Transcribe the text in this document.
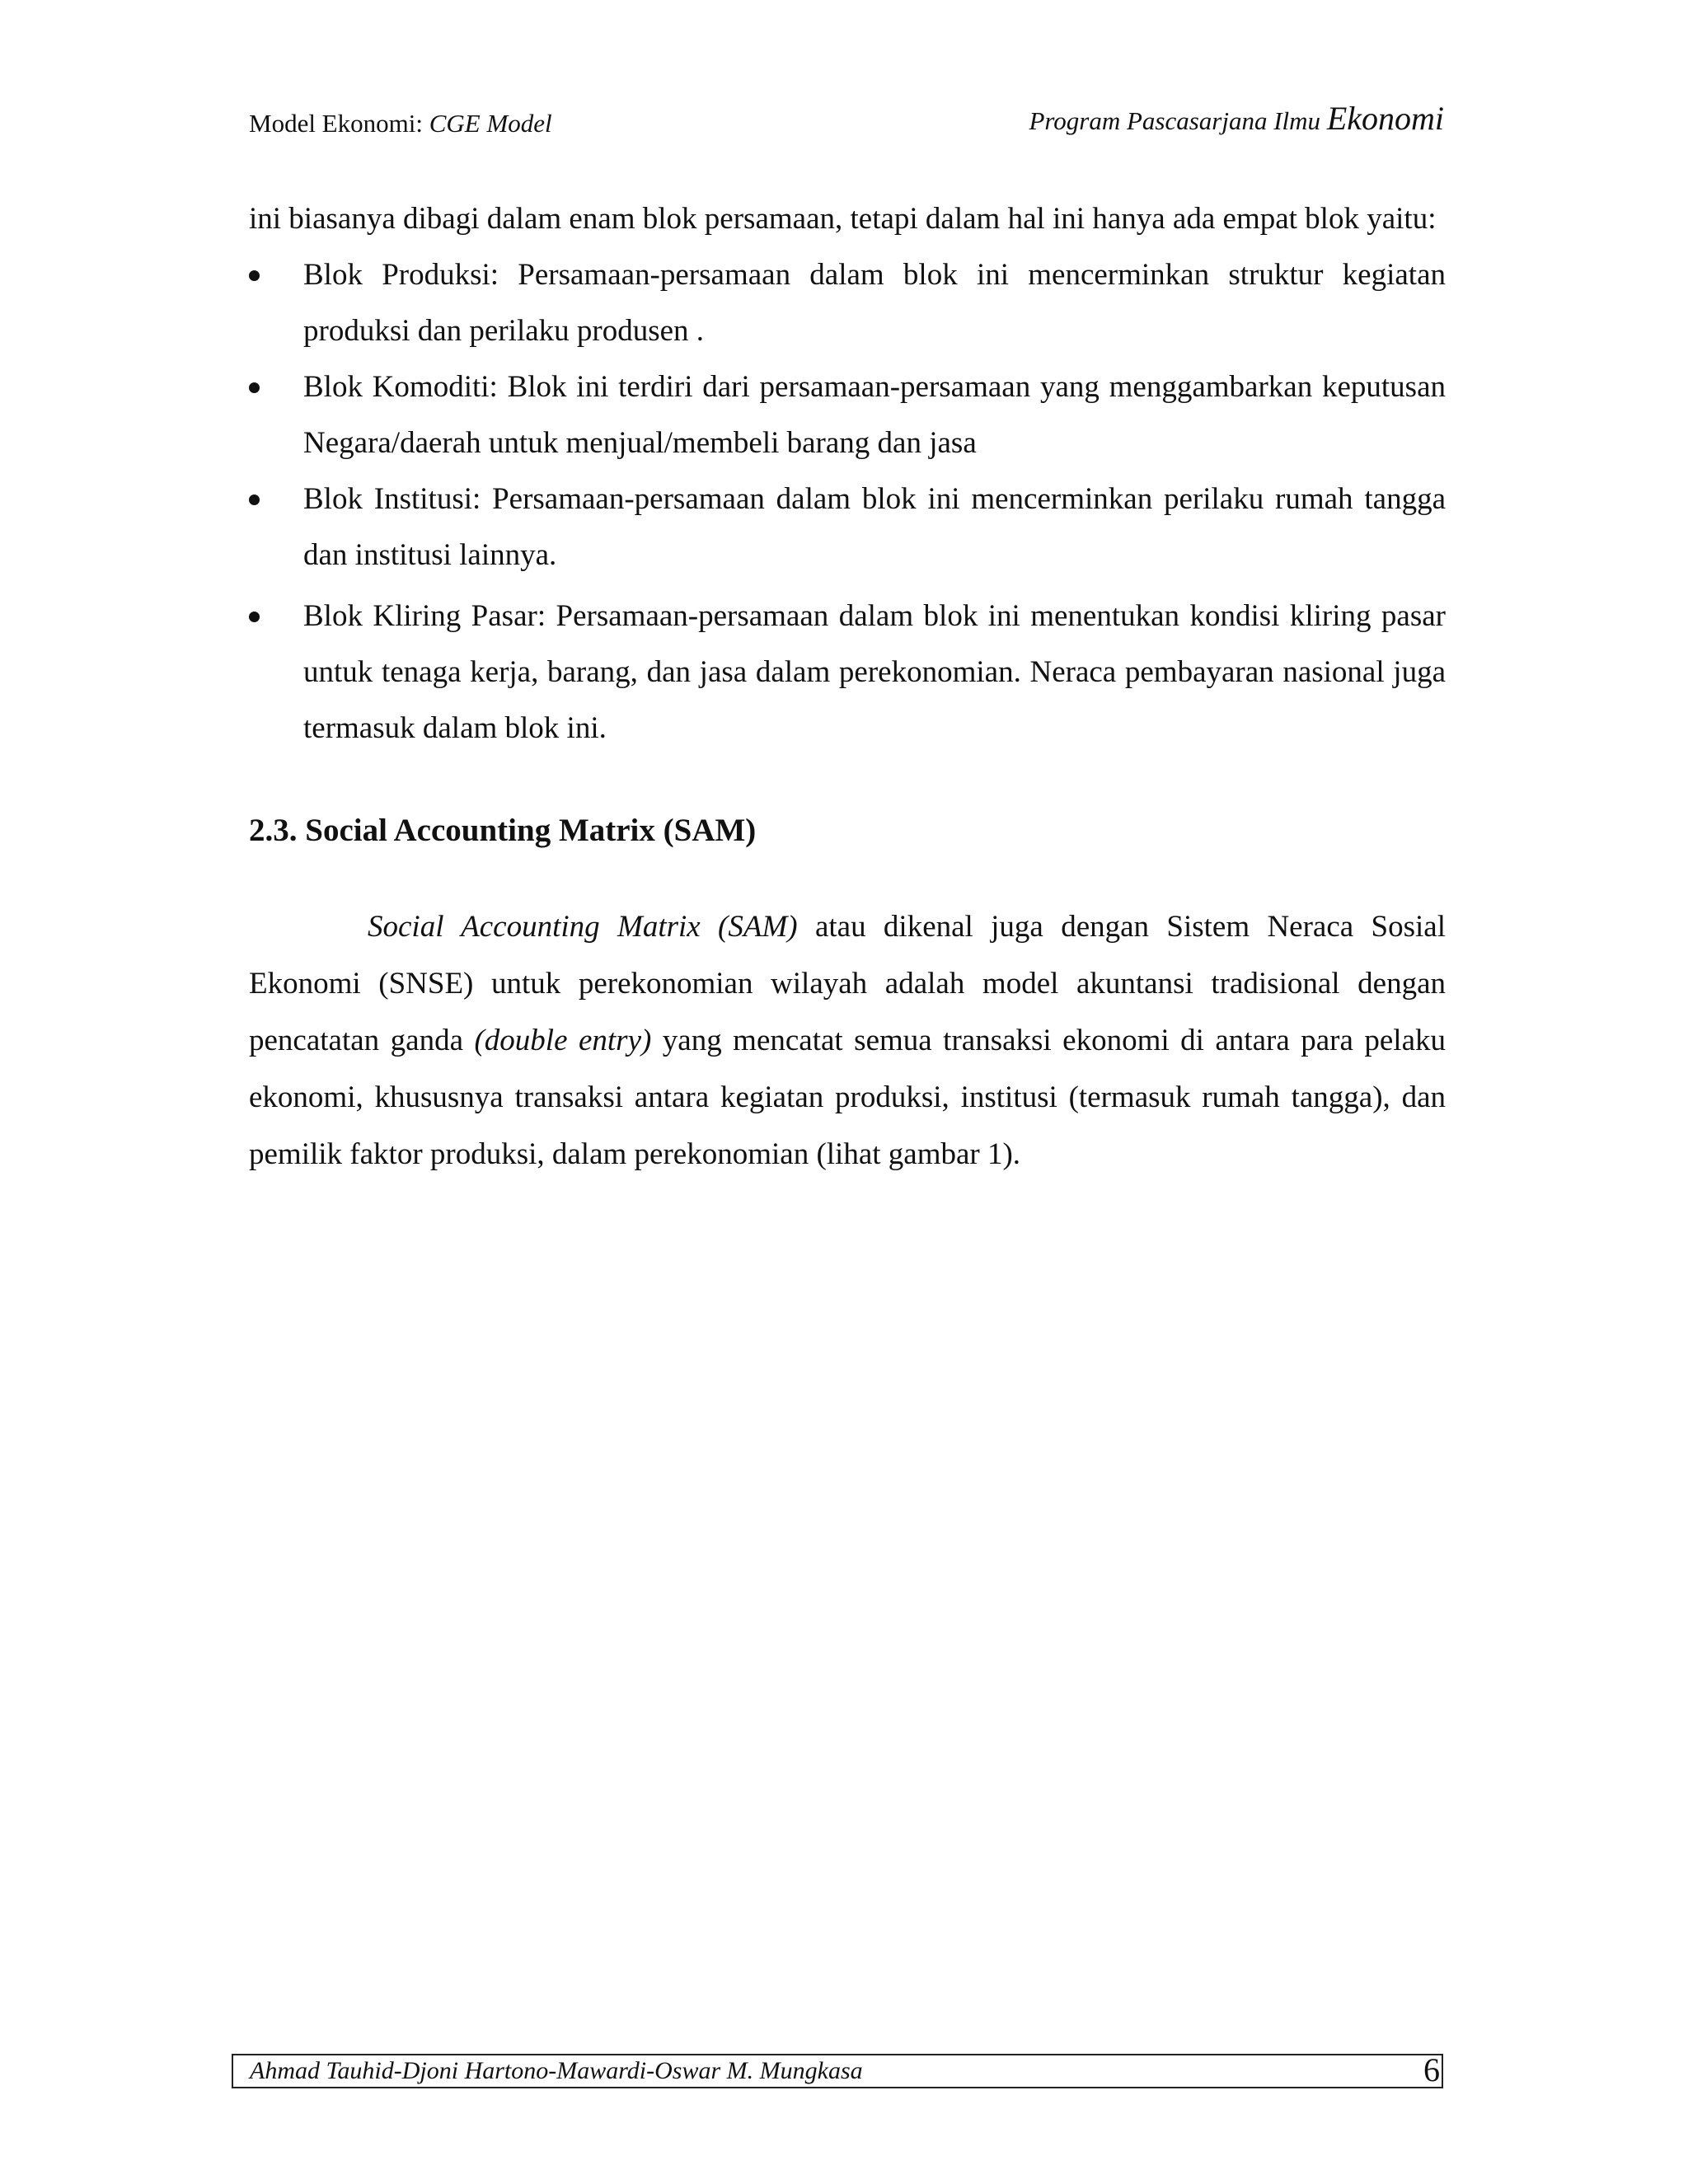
Model Ekonomi: CGE Model	Program Pascasarjana Ilmu Ekonomi

ini biasanya dibagi dalam enam blok persamaan, tetapi dalam hal ini hanya ada empat blok yaitu:

Blok Produksi: Persamaan-persamaan dalam blok ini mencerminkan struktur kegiatan produksi dan perilaku produsen .
Blok Komoditi: Blok ini terdiri dari persamaan-persamaan yang menggambarkan keputusan Negara/daerah untuk menjual/membeli barang dan jasa
Blok Institusi: Persamaan-persamaan dalam blok ini mencerminkan perilaku rumah tangga dan institusi lainnya.
Blok Kliring Pasar: Persamaan-persamaan dalam blok ini menentukan kondisi kliring pasar untuk tenaga kerja, barang, dan jasa dalam perekonomian. Neraca pembayaran nasional juga termasuk dalam blok ini.
2.3. Social Accounting Matrix (SAM)

Social Accounting Matrix (SAM) atau dikenal juga dengan Sistem Neraca Sosial Ekonomi (SNSE) untuk perekonomian wilayah adalah model akuntansi tradisional dengan pencatatan ganda (double entry) yang mencatat semua transaksi ekonomi di antara para pelaku ekonomi, khususnya transaksi antara kegiatan produksi, institusi (termasuk rumah tangga), dan pemilik faktor produksi, dalam perekonomian (lihat gambar 1).

Ahmad Tauhid-Djoni Hartono-Mawardi-Oswar M. Mungkasa	6
